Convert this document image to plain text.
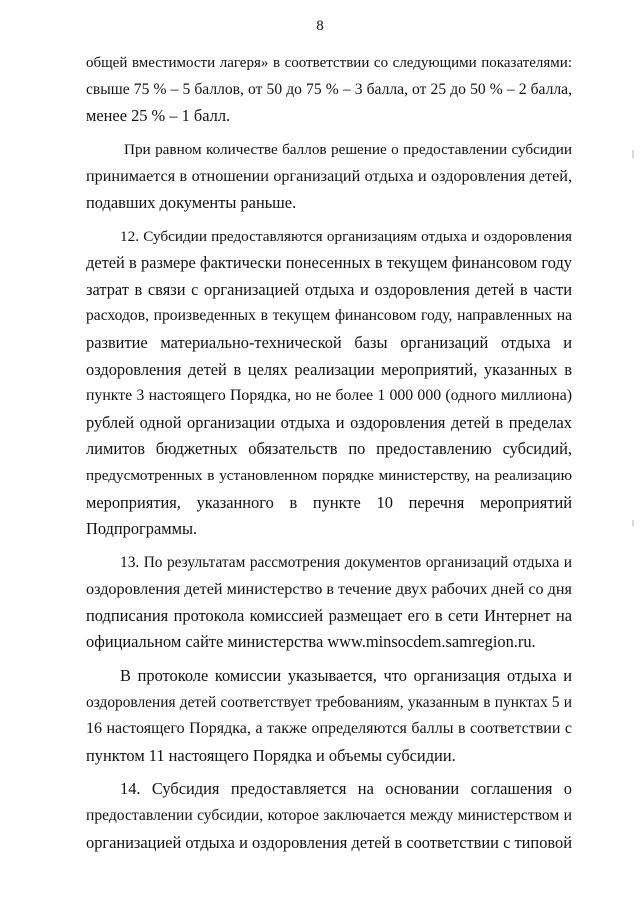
8
общей вместимости лагеря» в соответствии со следующими показателями:
свыше 75 % – 5 баллов, от 50 до 75 % – 3 балла, от 25 до 50 % – 2 балла,
менее 25 % – 1 балл.
При равном количестве баллов решение о предоставлении субсидии
принимается в отношении организаций отдыха и оздоровления детей,
подавших документы раньше.
12. Субсидии предоставляются организациям отдыха и оздоровления
детей в размере фактически понесенных в текущем финансовом году
затрат в связи с организацией отдыха и оздоровления детей в части
расходов, произведенных в текущем финансовом году, направленных на
развитие материально-технической базы организаций отдыха и
оздоровления детей в целях реализации мероприятий, указанных в
пункте 3 настоящего Порядка, но не более 1 000 000 (одного миллиона)
рублей одной организации отдыха и оздоровления детей в пределах
лимитов бюджетных обязательств по предоставлению субсидий,
предусмотренных в установленном порядке министерству, на реализацию
мероприятия, указанного в пункте 10 перечня мероприятий
Подпрограммы.
13. По результатам рассмотрения документов организаций отдыха и
оздоровления детей министерство в течение двух рабочих дней со дня
подписания протокола комиссией размещает его в сети Интернет на
официальном сайте министерства www.minsocdem.samregion.ru.
В протоколе комиссии указывается, что организация отдыха и
оздоровления детей соответствует требованиям, указанным в пунктах 5 и
16 настоящего Порядка, а также определяются баллы в соответствии с
пунктом 11 настоящего Порядка и объемы субсидии.
14. Субсидия предоставляется на основании соглашения о
предоставлении субсидии, которое заключается между министерством и
организацией отдыха и оздоровления детей в соответствии с типовой
